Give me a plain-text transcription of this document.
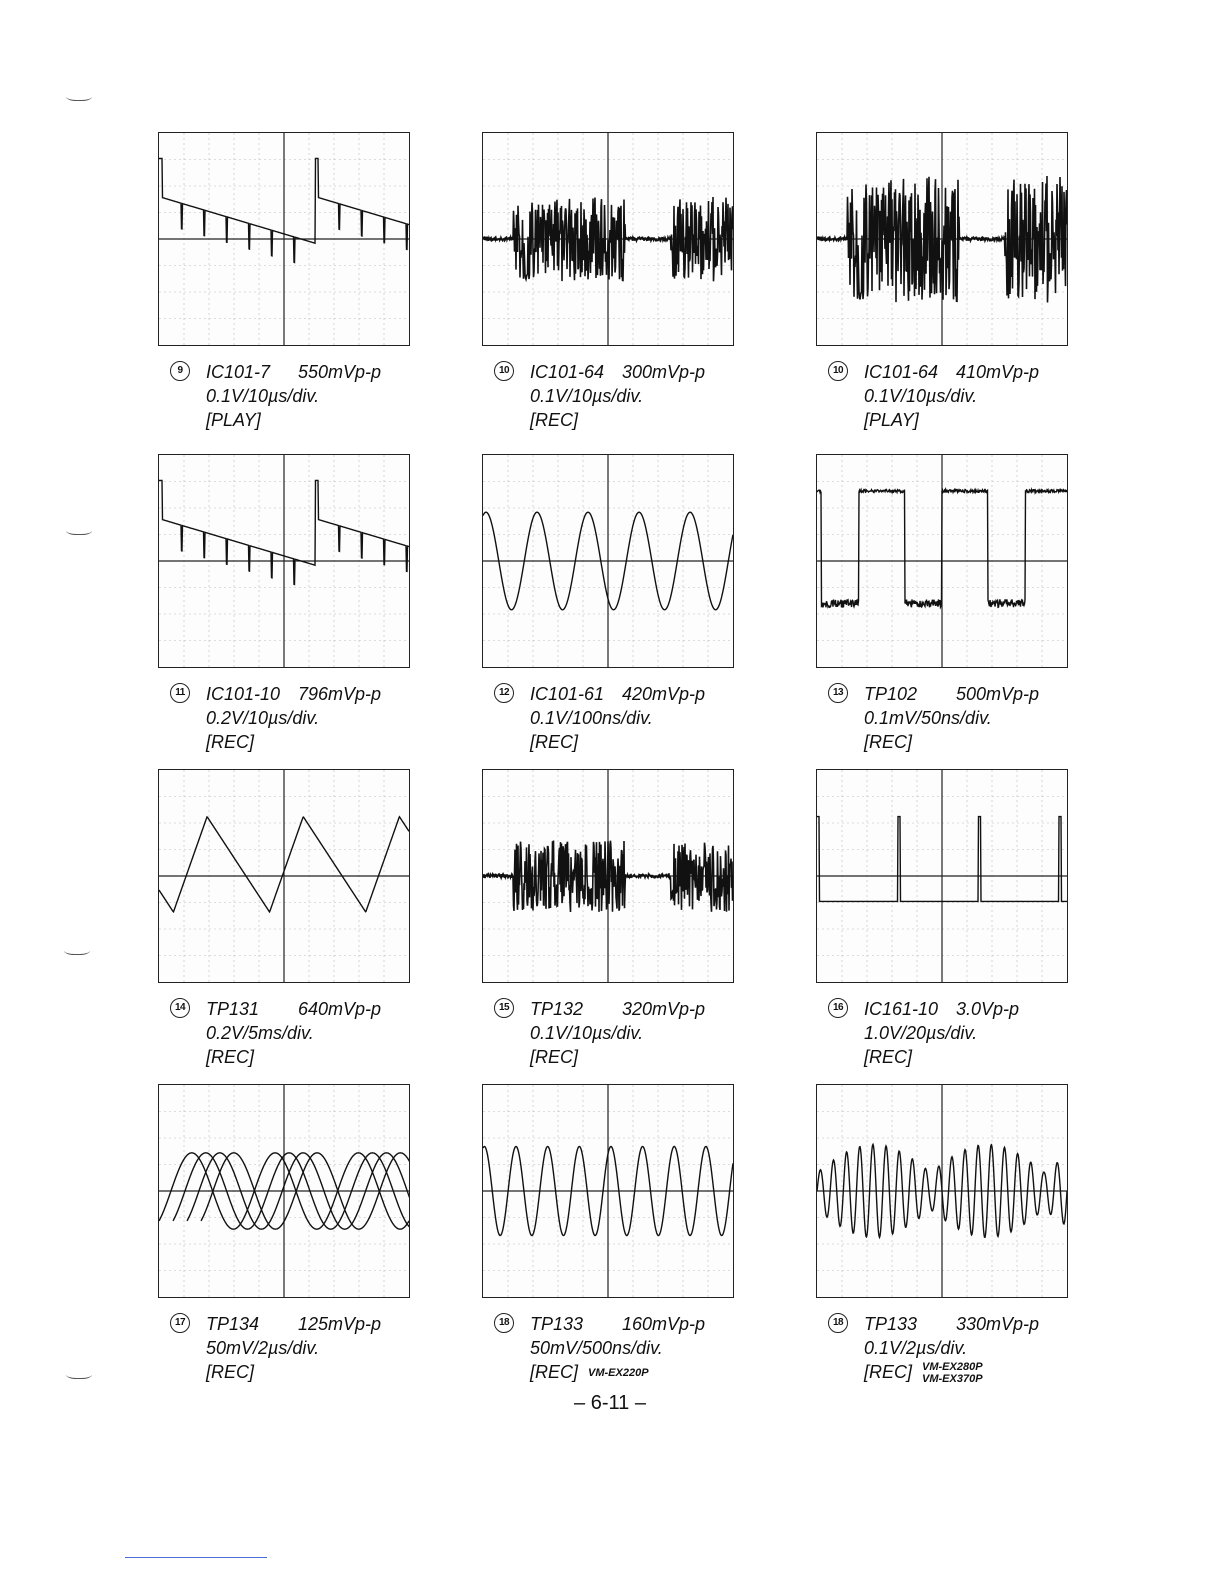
9	IC101-7 550mVp-p
0.1V/10µs/div.
[PLAY]
10 IC101-64 300mVp-p
0.1V/10µs/div.
[REC]
10 IC101-64 410mVp-p
0.1V/10µs/div.
[PLAY]
11 IC101-10 796mVp-p
0.2V/10µs/div.
[REC]
12 IC101-61 420mVp-p
0.1V/100ns/div.
[REC]
13 TP102 500mVp-p
0.1mV/50ns/div.
[REC]
14 TP131 640mVp-p
0.2V/5ms/div.
[REC]
15 TP132 320mVp-p
0.1V/10µs/div.
[REC]
16 IC161-10 3.0Vp-p
1.0V/20µs/div.
[REC]
17 TP134 125mVp-p
50mV/2µs/div.
[REC]
18 TP133 160mVp-p
50mV/500ns/div.
[REC] VM-EX220P
18 TP133 330mVp-p
0.1V/2µs/div.
[REC] VM-EX280P
VM-EX370P
– 6-11 –
